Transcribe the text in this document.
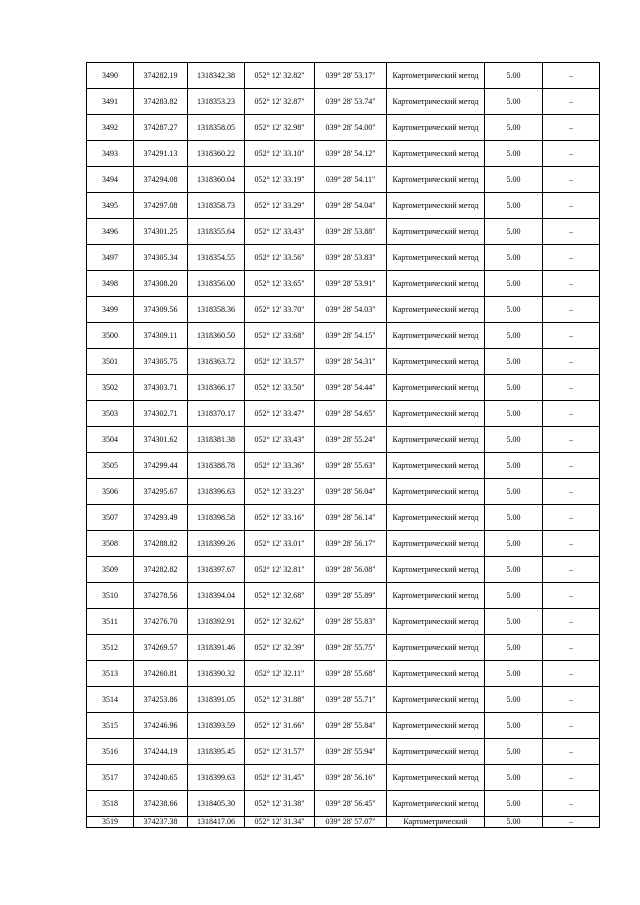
3490	374282.19	1318342.38	052° 12' 32.82"	039° 28' 53.17"	Картометрический метод	5.00	–
3491	374283.82	1318353.23	052° 12' 32.87"	039° 28' 53.74"	Картометрический метод	5.00	–
3492	374287.27	1318358.05	052° 12' 32.98"	039° 28' 54.00"	Картометрический метод	5.00	–
3493	374291.13	1318360.22	052° 12' 33.10"	039° 28' 54.12"	Картометрический метод	5.00	–
3494	374294.08	1318360.04	052° 12' 33.19"	039° 28' 54.11"	Картометрический метод	5.00	–
3495	374297.08	1318358.73	052° 12' 33.29"	039° 28' 54.04"	Картометрический метод	5.00	–
3496	374301.25	1318355.64	052° 12' 33.43"	039° 28' 53.88"	Картометрический метод	5.00	–
3497	374305.34	1318354.55	052° 12' 33.56"	039° 28' 53.83"	Картометрический метод	5.00	–
3498	374308.20	1318356.00	052° 12' 33.65"	039° 28' 53.91"	Картометрический метод	5.00	–
3499	374309.56	1318358.36	052° 12' 33.70"	039° 28' 54.03"	Картометрический метод	5.00	–
3500	374309.11	1318360.50	052° 12' 33.68"	039° 28' 54.15"	Картометрический метод	5.00	–
3501	374305.75	1318363.72	052° 12' 33.57"	039° 28' 54.31"	Картометрический метод	5.00	–
3502	374303.71	1318366.17	052° 12' 33.50"	039° 28' 54.44"	Картометрический метод	5.00	–
3503	374302.71	1318370.17	052° 12' 33.47"	039° 28' 54.65"	Картометрический метод	5.00	–
3504	374301.62	1318381.38	052° 12' 33.43"	039° 28' 55.24"	Картометрический метод	5.00	–
3505	374299.44	1318388.78	052° 12' 33.36"	039° 28' 55.63"	Картометрический метод	5.00	–
3506	374295.67	1318396.63	052° 12' 33.23"	039° 28' 56.04"	Картометрический метод	5.00	–
3507	374293.49	1318398.58	052° 12' 33.16"	039° 28' 56.14"	Картометрический метод	5.00	–
3508	374288.82	1318399.26	052° 12' 33.01"	039° 28' 56.17"	Картометрический метод	5.00	–
3509	374282.82	1318397.67	052° 12' 32.81"	039° 28' 56.08"	Картометрический метод	5.00	–
3510	374278.56	1318394.04	052° 12' 32.68"	039° 28' 55.89"	Картометрический метод	5.00	–
3511	374276.70	1318392.91	052° 12' 32.62"	039° 28' 55.83"	Картометрический метод	5.00	–
3512	374269.57	1318391.46	052° 12' 32.39"	039° 28' 55.75"	Картометрический метод	5.00	–
3513	374260.81	1318390.32	052° 12' 32.11"	039° 28' 55.68"	Картометрический метод	5.00	–
3514	374253.86	1318391.05	052° 12' 31.88"	039° 28' 55.71"	Картометрический метод	5.00	–
3515	374246.96	1318393.59	052° 12' 31.66"	039° 28' 55.84"	Картометрический метод	5.00	–
3516	374244.19	1318395.45	052° 12' 31.57"	039° 28' 55.94"	Картометрический метод	5.00	–
3517	374240.65	1318399.63	052° 12' 31.45"	039° 28' 56.16"	Картометрический метод	5.00	–
3518	374238.66	1318405.30	052° 12' 31.38"	039° 28' 56.45"	Картометрический метод	5.00	–
3519	374237.38	1318417.06	052° 12' 31.34"	039° 28' 57.07"	Картометрический	5.00	–
